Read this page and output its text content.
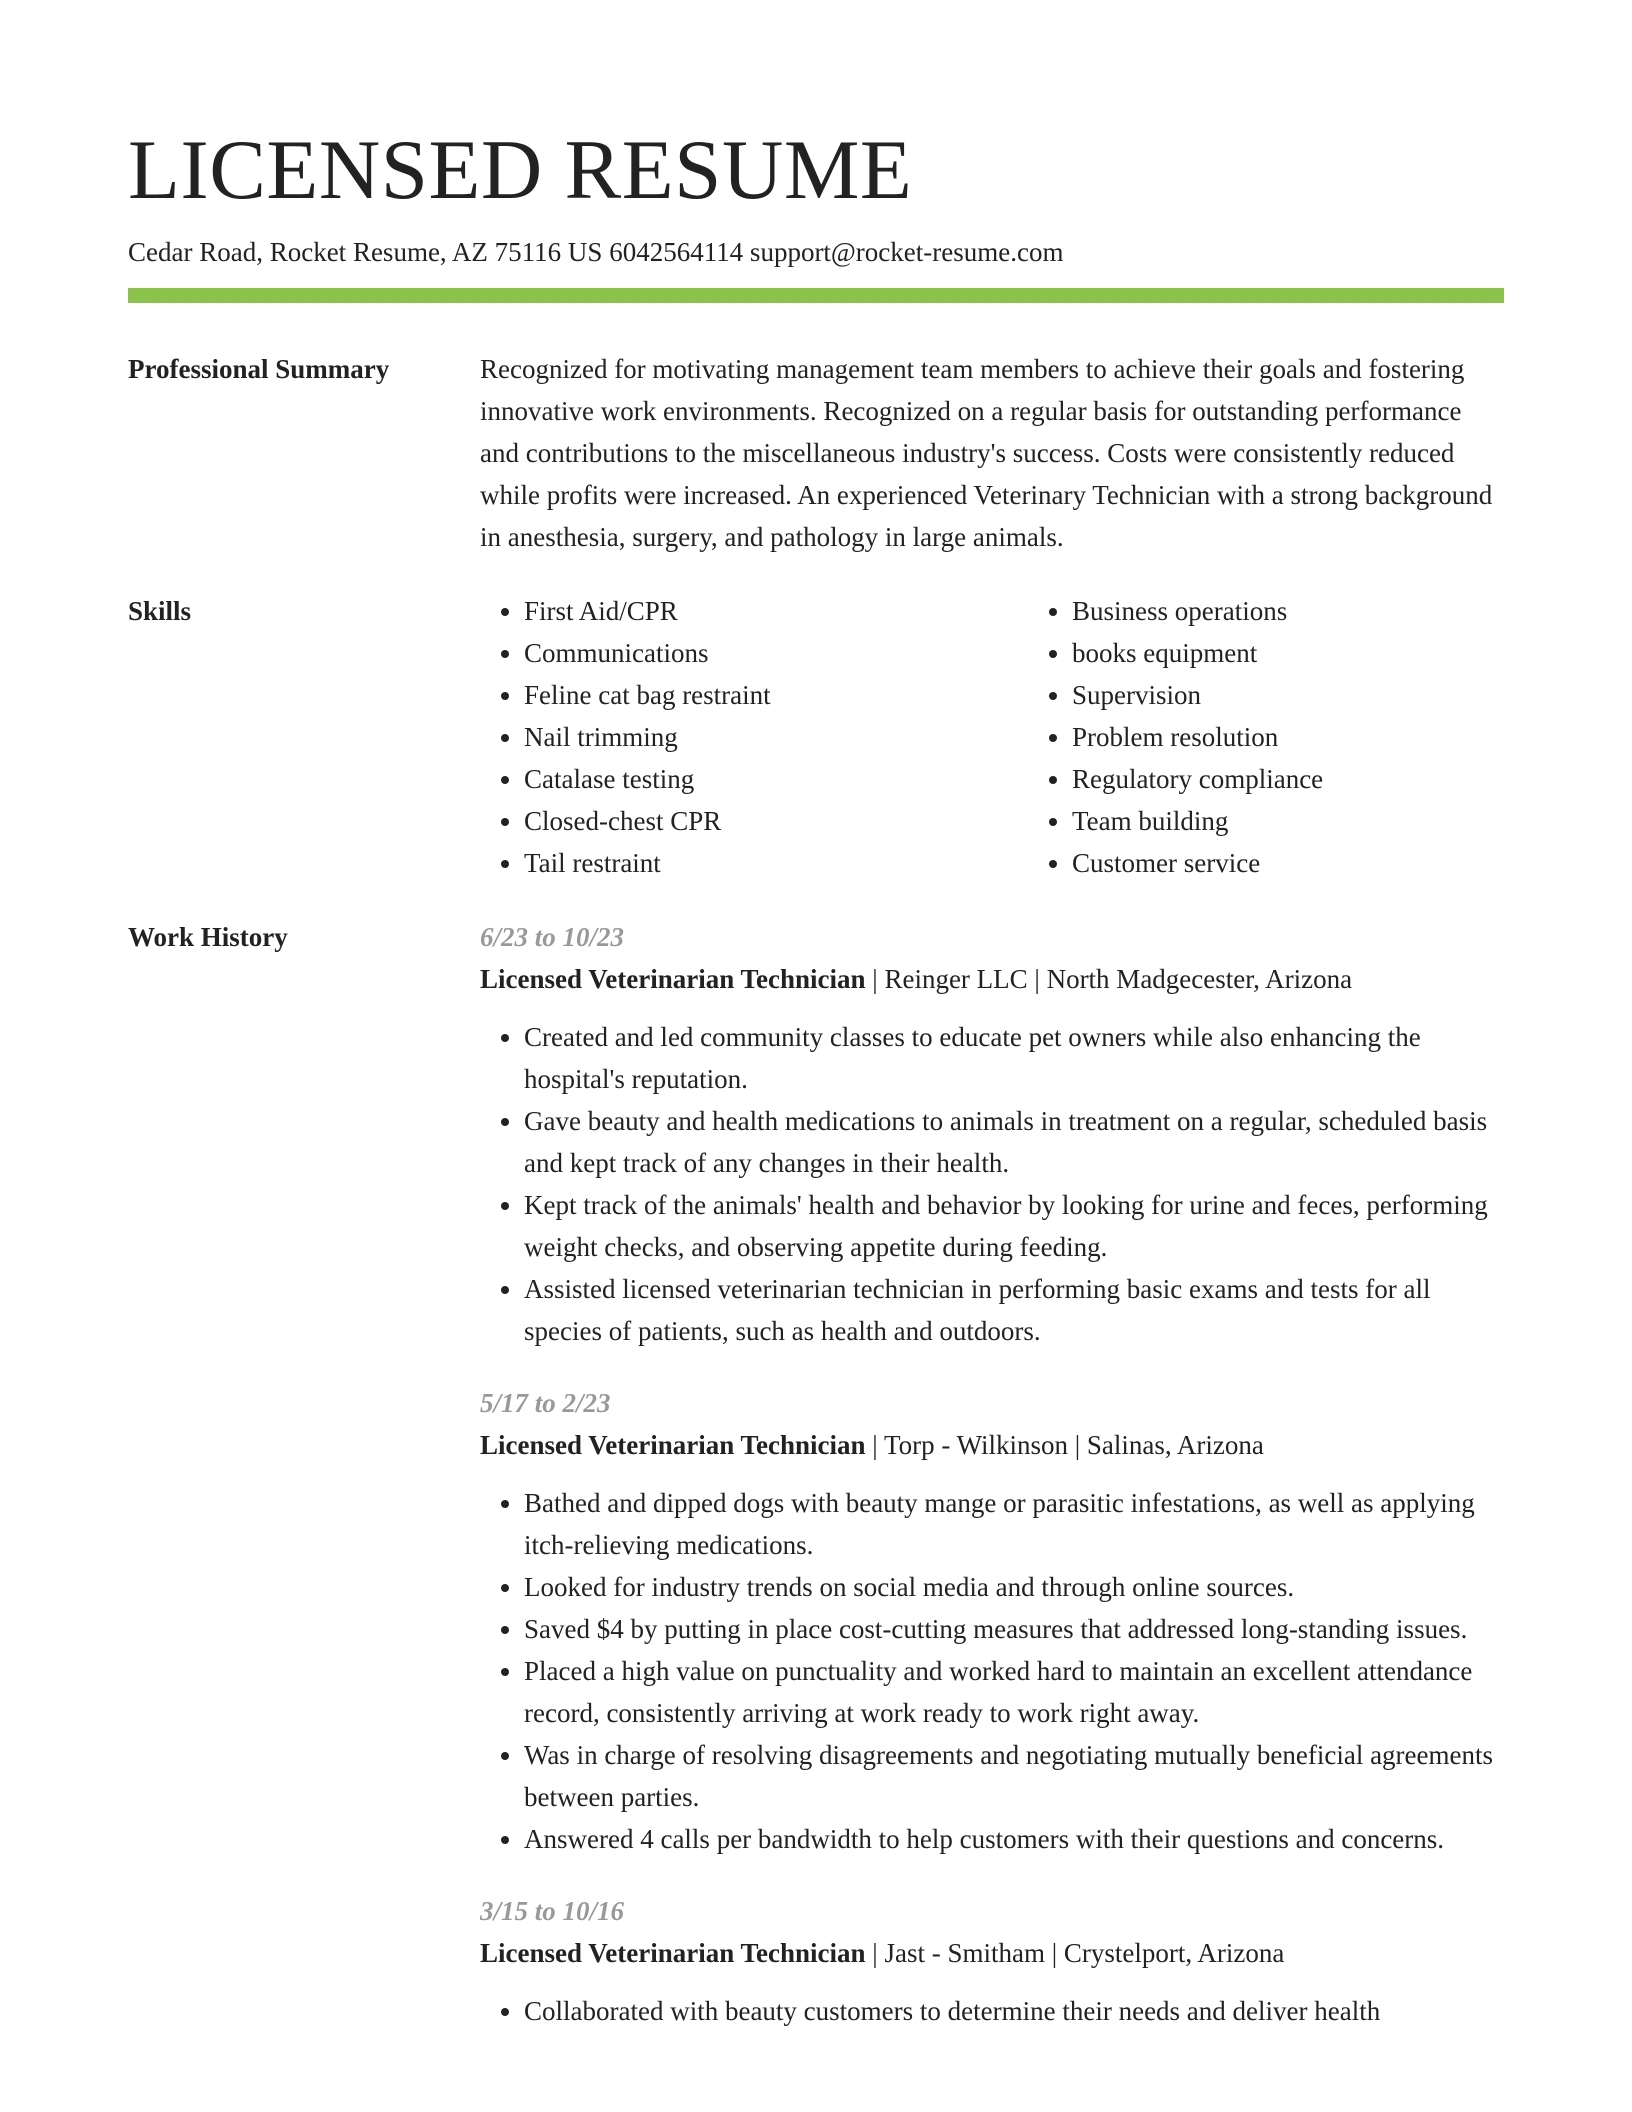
LICENSED RESUME
Cedar Road, Rocket Resume, AZ 75116 US 6042564114 support@rocket-resume.com
Professional Summary	Recognized for motivating management team members to achieve their goals and fostering innovative work environments. Recognized on a regular basis for outstanding performance and contributions to the miscellaneous industry's success. Costs were consistently reduced while profits were increased. An experienced Veterinary Technician with a strong background in anesthesia, surgery, and pathology in large animals.
Skills
•	First Aid/CPR
• Communications
• Feline cat bag restraint
• Nail trimming
• Catalase testing
• Closed-chest CPR
• Tail restraint
• Business operations
• books equipment
• Supervision
• Problem resolution
• Regulatory compliance
• Team building
• Customer service
Work History	6/23 to 10/23
Licensed Veterinarian Technician | Reinger LLC | North Madgecester, Arizona
• Created and led community classes to educate pet owners while also enhancing the hospital's reputation.
• Gave beauty and health medications to animals in treatment on a regular, scheduled basis and kept track of any changes in their health.
• Kept track of the animals' health and behavior by looking for urine and feces, performing weight checks, and observing appetite during feeding.
• Assisted licensed veterinarian technician in performing basic exams and tests for all species of patients, such as health and outdoors.
5/17 to 2/23
Licensed Veterinarian Technician | Torp - Wilkinson | Salinas, Arizona
• Bathed and dipped dogs with beauty mange or parasitic infestations, as well as applying itch-relieving medications.
• Looked for industry trends on social media and through online sources.
• Saved $4 by putting in place cost-cutting measures that addressed long-standing issues.
• Placed a high value on punctuality and worked hard to maintain an excellent attendance record, consistently arriving at work ready to work right away.
• Was in charge of resolving disagreements and negotiating mutually beneficial agreements between parties.
• Answered 4 calls per bandwidth to help customers with their questions and concerns.
3/15 to 10/16
Licensed Veterinarian Technician | Jast - Smitham | Crystelport, Arizona
• Collaborated with beauty customers to determine their needs and deliver health
